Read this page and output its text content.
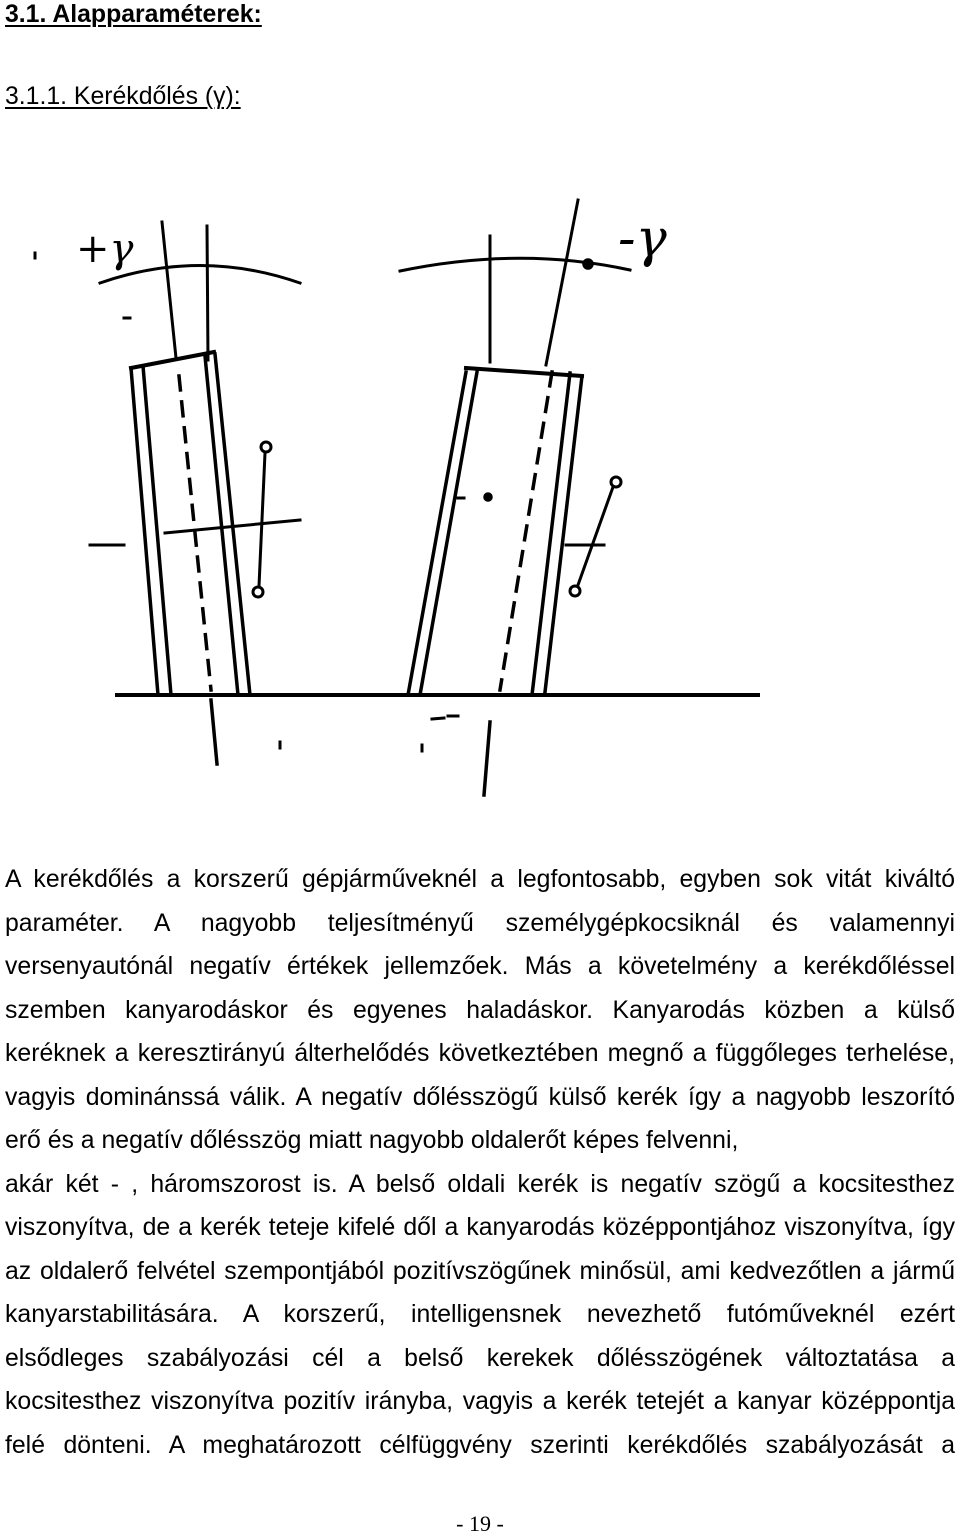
3.1. Alapparaméterek:
3.1.1. Kerékdőlés (γ):
+γ	-γ
A kerékdőlés a korszerű gépjárműveknél a legfontosabb, egyben sok vitát kiváltó
paraméter. A nagyobb teljesítményű személygépkocsiknál és valamennyi
versenyautónál negatív értékek jellemzőek. Más a követelmény a kerékdőléssel
szemben kanyarodáskor és egyenes haladáskor. Kanyarodás közben a külső
keréknek a keresztirányú álterhelődés következtében megnő a függőleges terhelése,
vagyis dominánssá válik. A negatív dőlésszögű külső kerék így a nagyobb leszorító
erő és a negatív dőlésszög miatt nagyobb oldalerőt képes felvenni,
akár két - , háromszorost is. A belső oldali kerék is negatív szögű a kocsitesthez
viszonyítva, de a kerék teteje kifelé dől a kanyarodás középpontjához viszonyítva, így
az oldalerő felvétel szempontjából pozitívszögűnek minősül, ami kedvezőtlen a jármű
kanyarstabilitására. A korszerű, intelligensnek nevezhető futóműveknél ezért
elsődleges szabályozási cél a belső kerekek dőlésszögének változtatása a
kocsitesthez viszonyítva pozitív irányba, vagyis a kerék tetejét a kanyar középpontja
felé dönteni. A meghatározott célfüggvény szerinti kerékdőlés szabályozását a
- 19 -
